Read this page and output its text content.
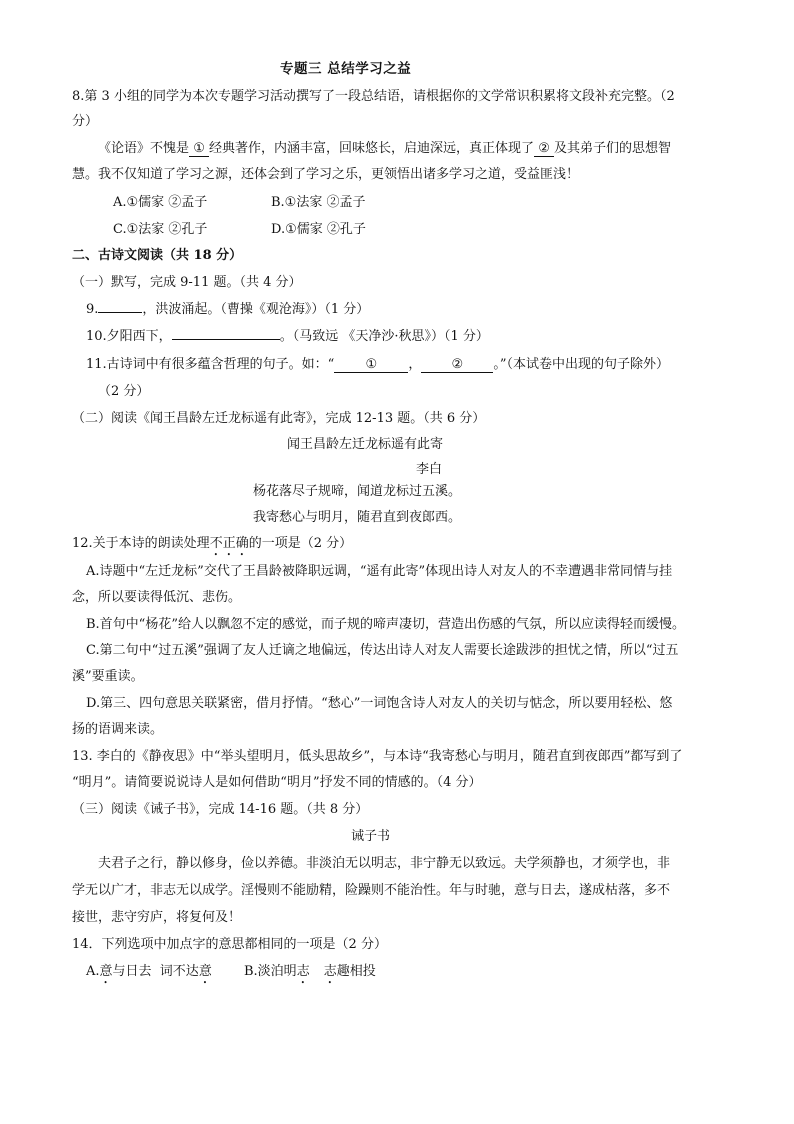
专题三 总结学习之益
8.第 3 小组的同学为本次专题学习活动撰写了一段总结语，请根据你的文学常识积累将文段补充完整。（2
分）
《论语》不愧是 ① 经典著作，内涵丰富，回味悠长，启迪深远，真正体现了 ② 及其弟子们的思想智
慧。我不仅知道了学习之源，还体会到了学习之乐，更领悟出诸多学习之道，受益匪浅！
A.①儒家 ②孟子	B.①法家 ②孟子
C.①法家 ②孔子	D.①儒家 ②孔子
二、古诗文阅读（共 18 分）
（一）默写，完成 9-11 题。（共 4 分）
9.	，洪波涌起。（曹操《观沧海》）（1 分）
10.夕阳西下，	。（马致远 《天净沙·秋思》）（1 分）
11.古诗词中有很多蕴含哲理的句子。如：“ ① ， ② 。”（本试卷中出现的句子除外）
（2 分）
（二）阅读《闻王昌龄左迁龙标遥有此寄》，完成 12-13 题。（共 6 分）
闻王昌龄左迁龙标遥有此寄
李白
杨花落尽子规啼，闻道龙标过五溪。
我寄愁心与明月，随君直到夜郎西。
12.关于本诗的朗读处理不正确的一项是（2 分）
A.诗题中“左迁龙标”交代了王昌龄被降职远调，“遥有此寄”体现出诗人对友人的不幸遭遇非常同情与挂
念，所以要读得低沉、悲伤。
B.首句中“杨花”给人以飘忽不定的感觉，而子规的啼声凄切，营造出伤感的气氛，所以应读得轻而缓慢。
C.第二句中“过五溪”强调了友人迁谪之地偏远，传达出诗人对友人需要长途跋涉的担忧之情，所以“过五
溪”要重读。
D.第三、四句意思关联紧密，借月抒情。“愁心”一词饱含诗人对友人的关切与惦念，所以要用轻松、悠
扬的语调来读。
13. 李白的《静夜思》中“举头望明月，低头思故乡”，与本诗“我寄愁心与明月，随君直到夜郎西”都写到了
“明月”。请简要说说诗人是如何借助“明月”抒发不同的情感的。（4 分）
（三）阅读《诫子书》，完成 14-16 题。（共 8 分）
诫子书
夫君子之行，静以修身，俭以养德。非淡泊无以明志，非宁静无以致远。夫学须静也，才须学也，非
学无以广才，非志无以成学。淫慢则不能励精，险躁则不能治性。年与时驰，意与日去，遂成枯落，多不
接世，悲守穷庐，将复何及！
14．下列选项中加点字的意思都相同的一项是（2 分）
A.意与日去  词不达意 B.淡泊明志 志趣相投
